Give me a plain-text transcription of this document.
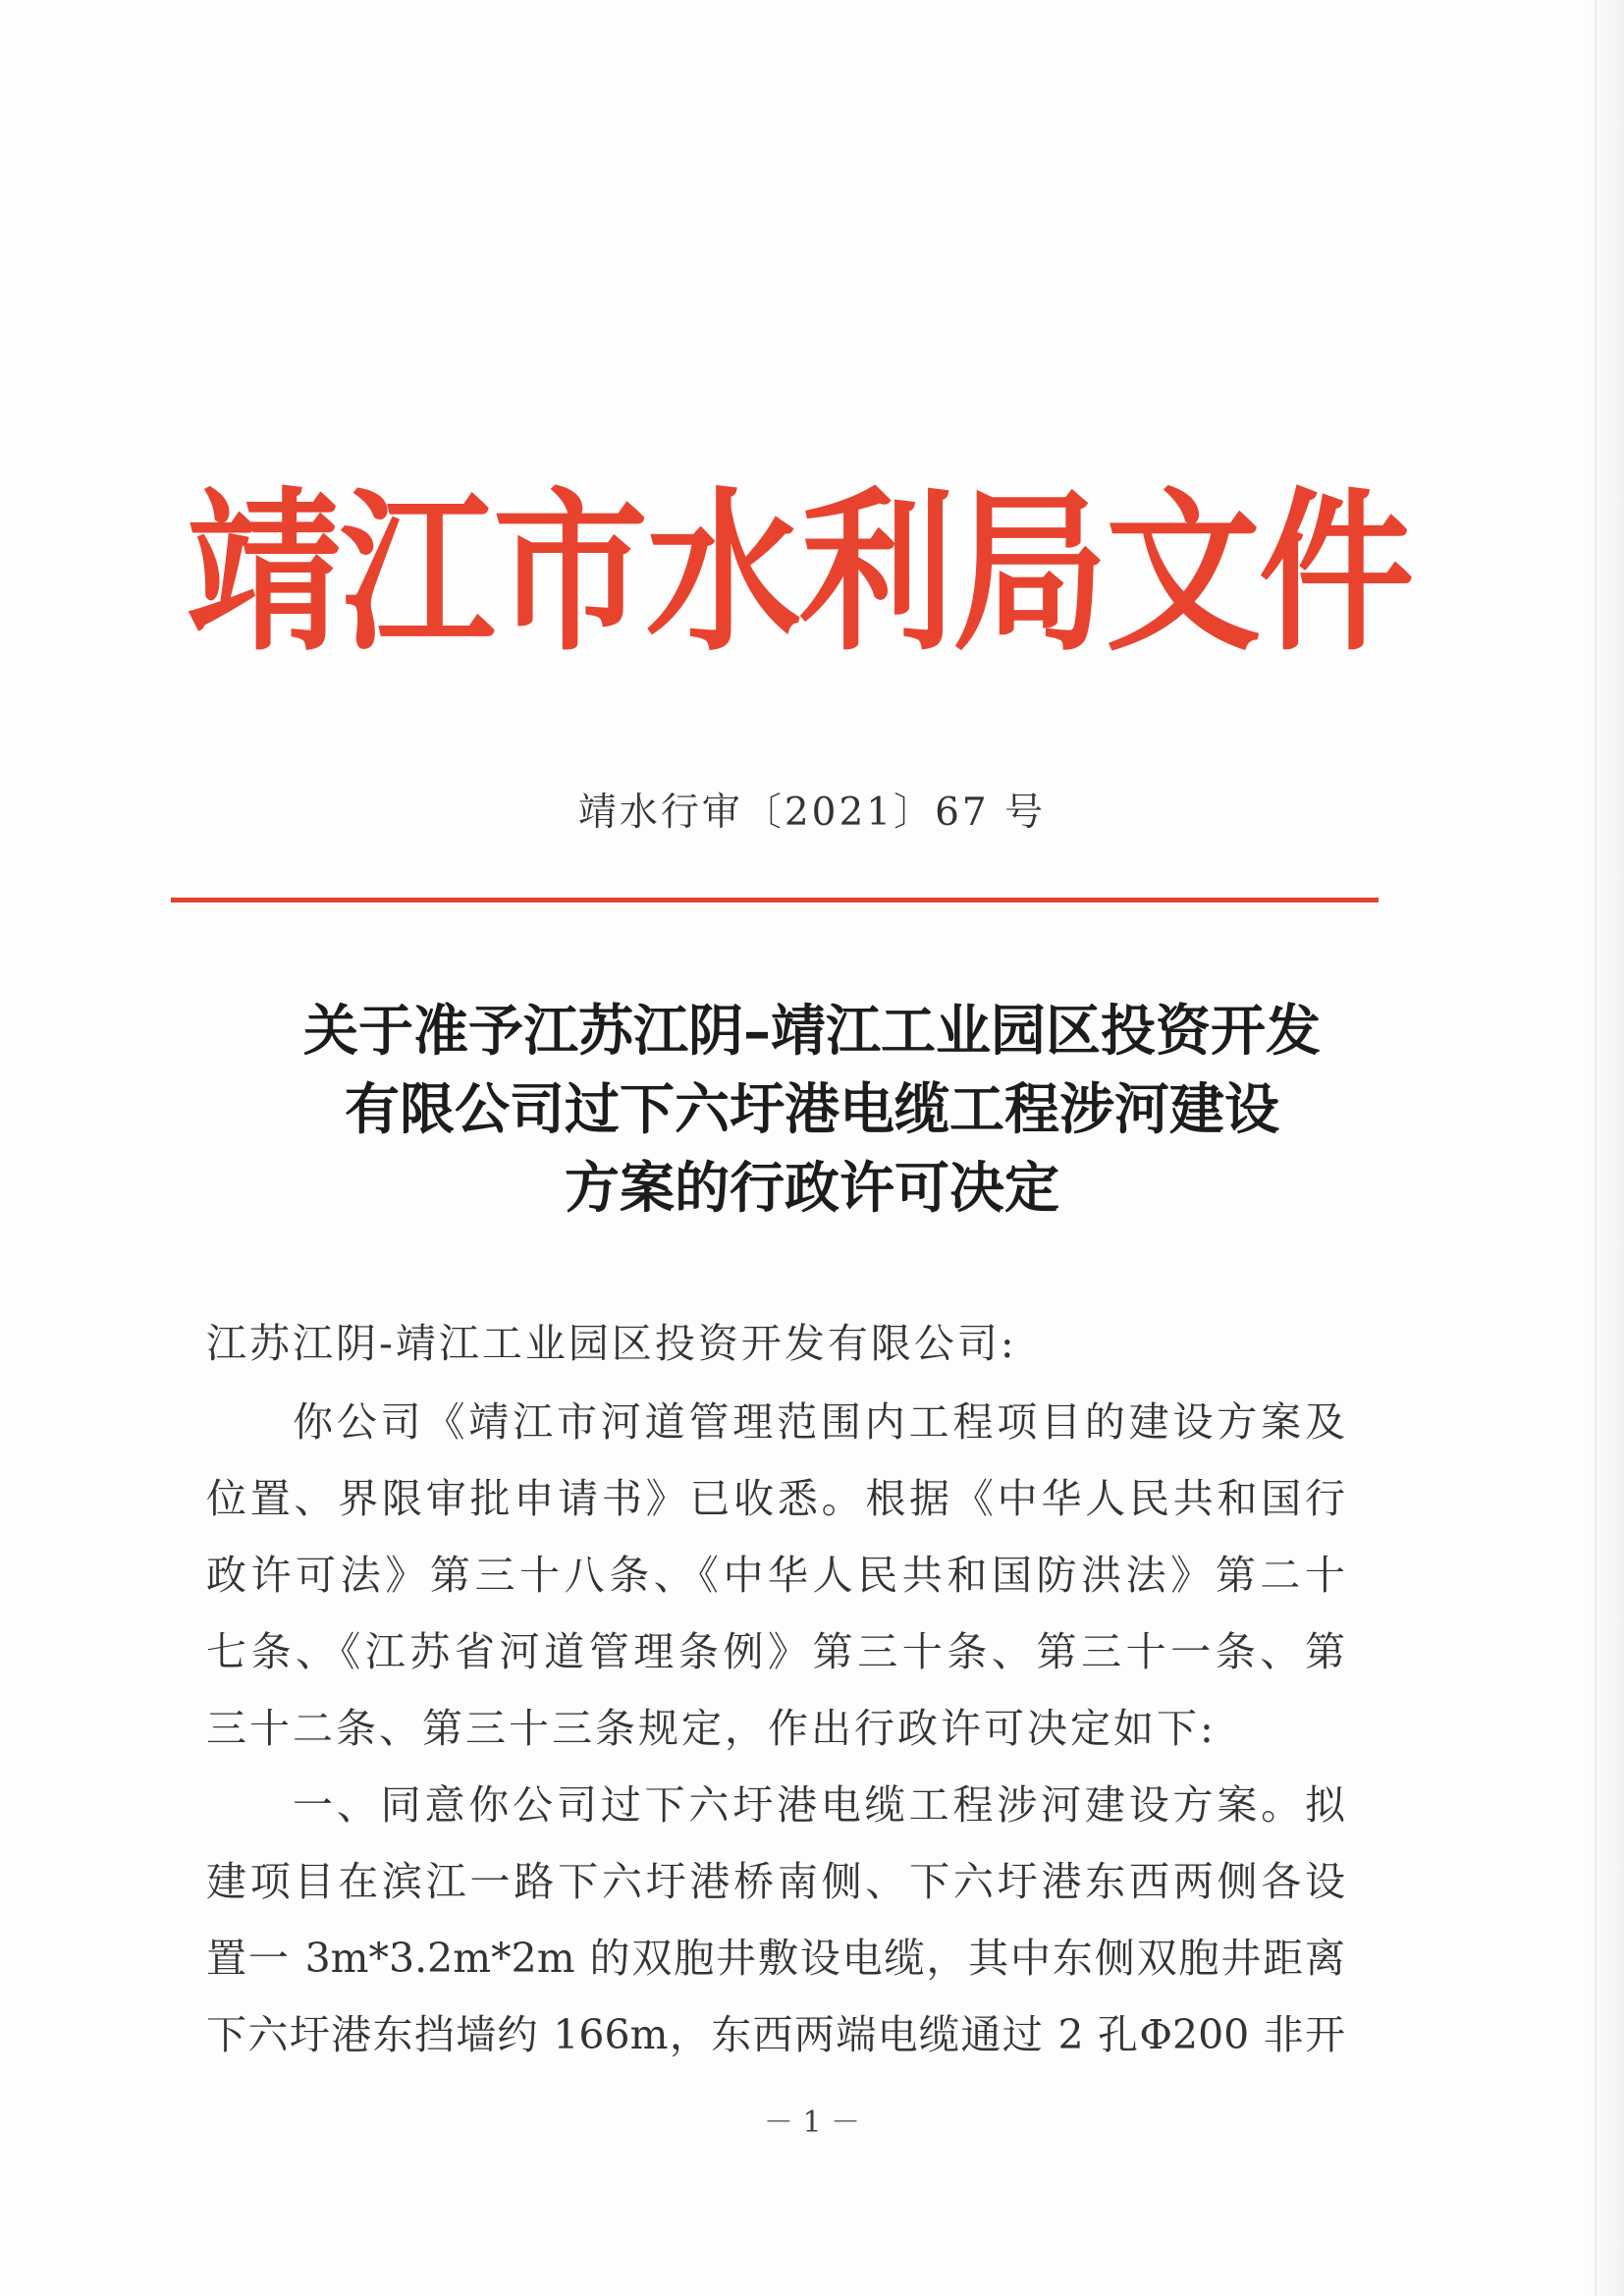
靖江市水利局文件
靖水行审〔2021〕67 号
关于准予江苏江阴–靖江工业园区投资开发
有限公司过下六圩港电缆工程涉河建设
方案的行政许可决定
江苏江阴-靖江工业园区投资开发有限公司:
你公司《靖江市河道管理范围内工程项目的建设方案及
位置、界限审批申请书》已收悉。根据《中华人民共和国行
政许可法》第三十八条、《中华人民共和国防洪法》第二十
七条、《江苏省河道管理条例》第三十条、第三十一条、第
三十二条、第三十三条规定，作出行政许可决定如下:
一、同意你公司过下六圩港电缆工程涉河建设方案。拟
建项目在滨江一路下六圩港桥南侧、下六圩港东西两侧各设
置一 3m*3.2m*2m 的双胞井敷设电缆，其中东侧双胞井距离
下六圩港东挡墙约 166m，东西两端电缆通过 2 孔Φ200 非开
－ 1 －
